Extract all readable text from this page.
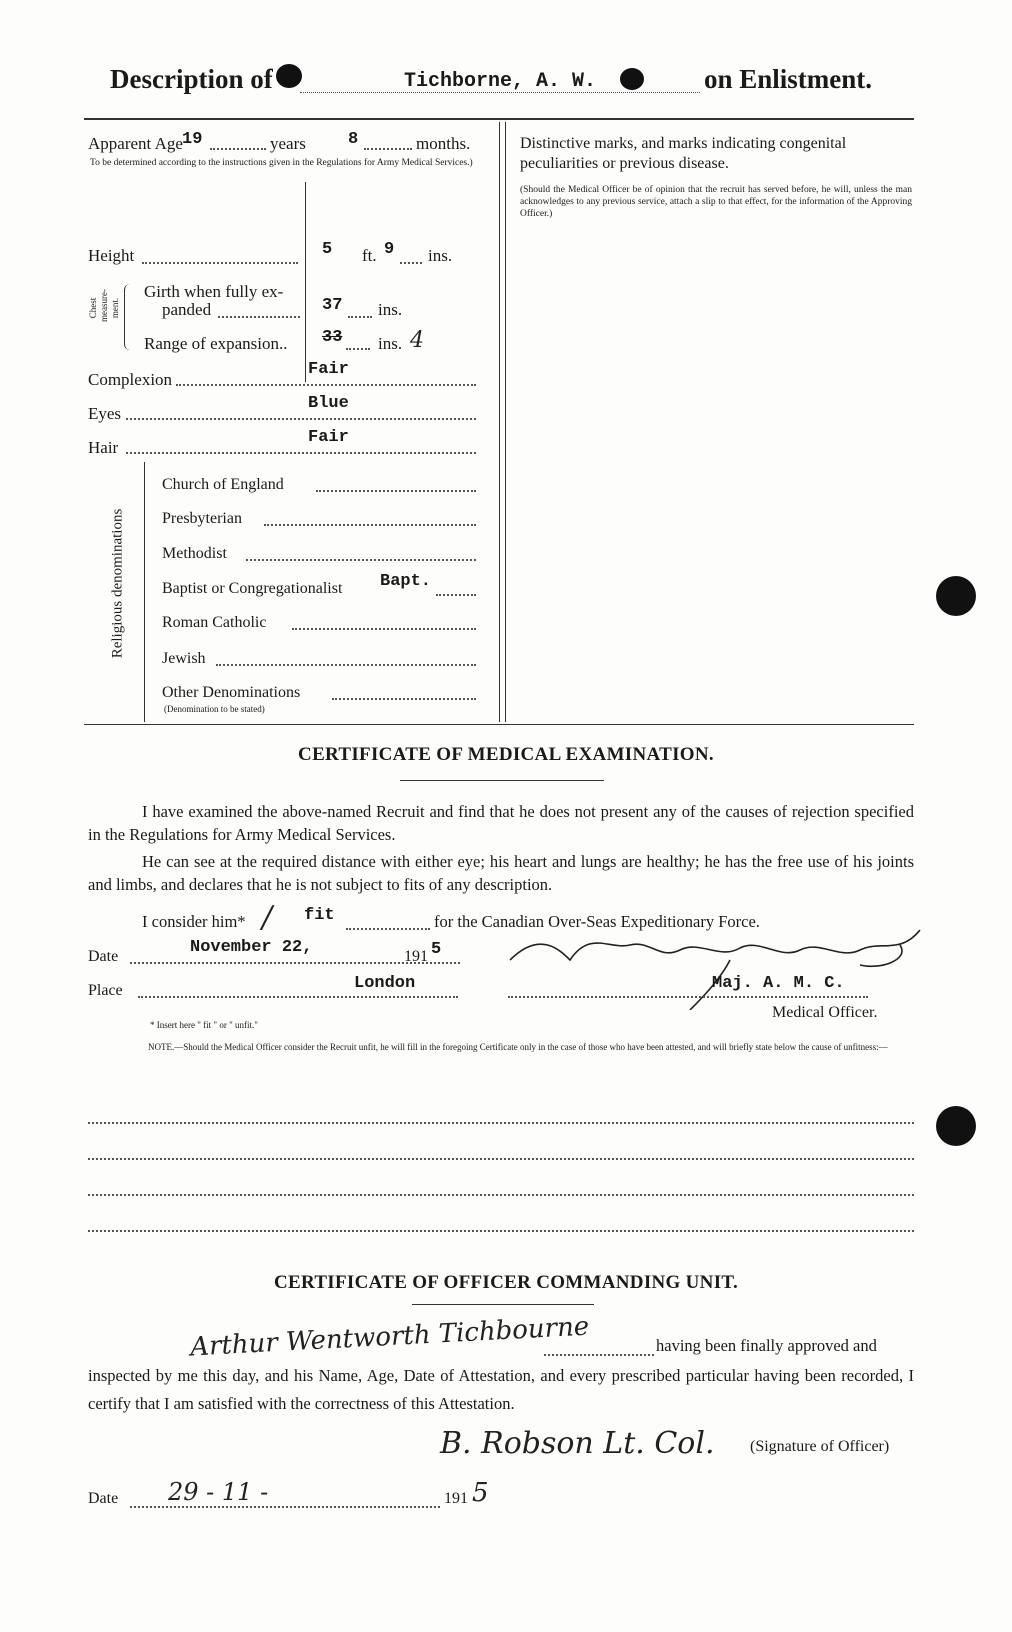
Description of	Tichborne, A. W.	on Enlistment.
Apparent Age 19	years 8	months.
To be determined according to the instructions given in the Regulations for Army Medical Services.)
Height	5 ft. 9 ins.
Chest measure-ment.
Girth when fully ex-
panded	37 ins.
Range of expansion.. 33 ins. 4
Complexion
Fair
Eyes
Blue
Hair
Fair
Religious denominations
Church of England
Presbyterian
Methodist
Baptist or Congregationalist Bapt.
Roman Catholic
Jewish
Other Denominations
(Denomination to be stated)
Distinctive marks, and marks indicating congenital peculiarities or previous disease.
(Should the Medical Officer be of opinion that the recruit has served before, he will, unless the man acknowledges to any previous service, attach a slip to that effect, for the information of the Approving Officer.)
CERTIFICATE OF MEDICAL EXAMINATION.
I have examined the above-named Recruit and find that he does not present any of the causes of rejection specified in the Regulations for Army Medical Services.
He can see at the required distance with either eye; his heart and lungs are healthy; he has the free use of his joints and limbs, and declares that he is not subject to fits of any description.
I consider him* / fit	for the Canadian Over-Seas Expeditionary Force.
Date	November 22,	191 5
Place	London	Maj. A. M. C.
Medical Officer.
* Insert here " fit " or " unfit."
NOTE.—Should the Medical Officer consider the Recruit unfit, he will fill in the foregoing Certificate only in the case of those who have been attested, and will briefly state below the cause of unfitness:—
CERTIFICATE OF OFFICER COMMANDING UNIT.
Arthur Wentworth Tichbourne	having been finally approved and
inspected by me this day, and his Name, Age, Date of Attestation, and every prescribed particular having been recorded, I certify that I am satisfied with the correctness of this Attestation.
B. Robson Lt. Col. (Signature of Officer)
Date 29 - 11 -	191 5
